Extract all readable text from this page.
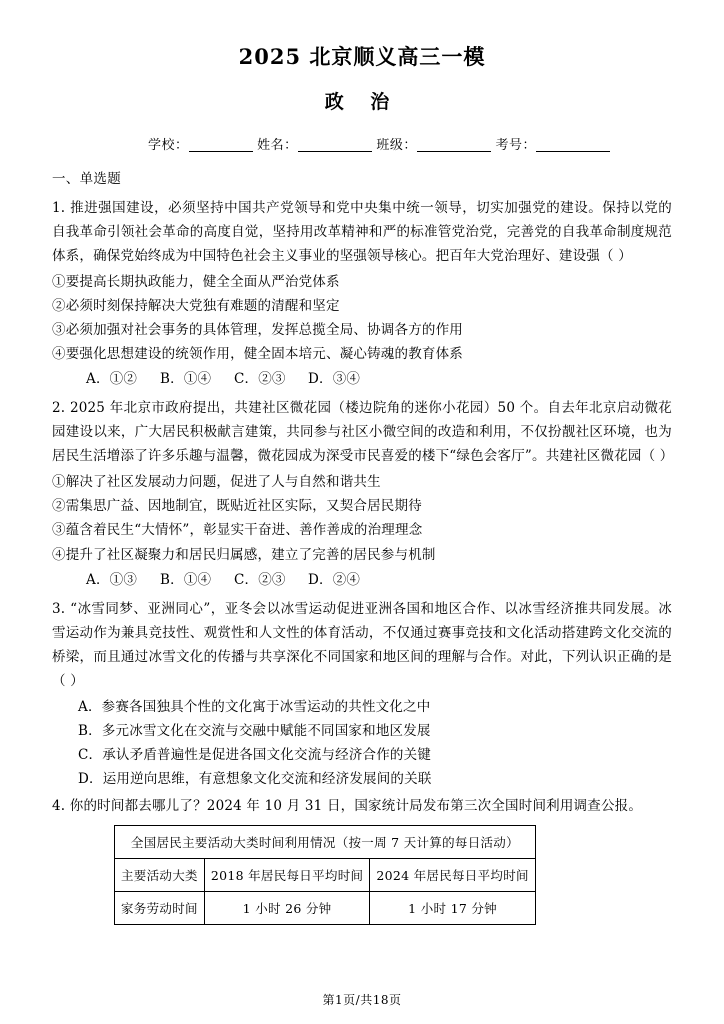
2025 北京顺义高三一模
政 治
学校：	姓名：	班级：	考号：
一、单选题
1. 推进强国建设，必须坚持中国共产党领导和党中央集中统一领导，切实加强党的建设。保持以党的自我革命引领社会革命的高度自觉，坚持用改革精神和严的标准管党治党，完善党的自我革命制度规范体系，确保党始终成为中国特色社会主义事业的坚强领导核心。把百年大党治理好、建设强（ ）
①要提高长期执政能力，健全全面从严治党体系
②必须时刻保持解决大党独有难题的清醒和坚定
③必须加强对社会事务的具体管理，发挥总揽全局、协调各方的作用
④要强化思想建设的统领作用，健全固本培元、凝心铸魂的教育体系
A．①② B．①④ C．②③ D．③④
2. 2025 年北京市政府提出，共建社区微花园（楼边院角的迷你小花园）50 个。自去年北京启动微花园建设以来，广大居民积极献言建策，共同参与社区小微空间的改造和利用，不仅扮靓社区环境，也为居民生活增添了许多乐趣与温馨，微花园成为深受市民喜爱的楼下“绿色会客厅”。共建社区微花园（ ）
①解决了社区发展动力问题，促进了人与自然和谐共生
②需集思广益、因地制宜，既贴近社区实际，又契合居民期待
③蕴含着民生“大情怀”，彰显实干奋进、善作善成的治理理念
④提升了社区凝聚力和居民归属感，建立了完善的居民参与机制
A．①③ B．①④ C．②③ D．②④
3. “冰雪同梦、亚洲同心”，亚冬会以冰雪运动促进亚洲各国和地区合作、以冰雪经济推共同发展。冰雪运动作为兼具竞技性、观赏性和人文性的体育活动，不仅通过赛事竞技和文化活动搭建跨文化交流的桥梁，而且通过冰雪文化的传播与共享深化不同国家和地区间的理解与合作。对此，下列认识正确的是（ ）
A．参赛各国独具个性的文化寓于冰雪运动的共性文化之中
B．多元冰雪文化在交流与交融中赋能不同国家和地区发展
C．承认矛盾普遍性是促进各国文化交流与经济合作的关键
D．运用逆向思维，有意想象文化交流和经济发展间的关联
4. 你的时间都去哪儿了？2024 年 10 月 31 日，国家统计局发布第三次全国时间利用调查公报。
全国居民主要活动大类时间利用情况（按一周 7 天计算的每日活动）		
主要活动大类	2018 年居民每日平均时间	2024 年居民每日平均时间
家务劳动时间	1 小时 26 分钟	1 小时 17 分钟
第1页/共18页
